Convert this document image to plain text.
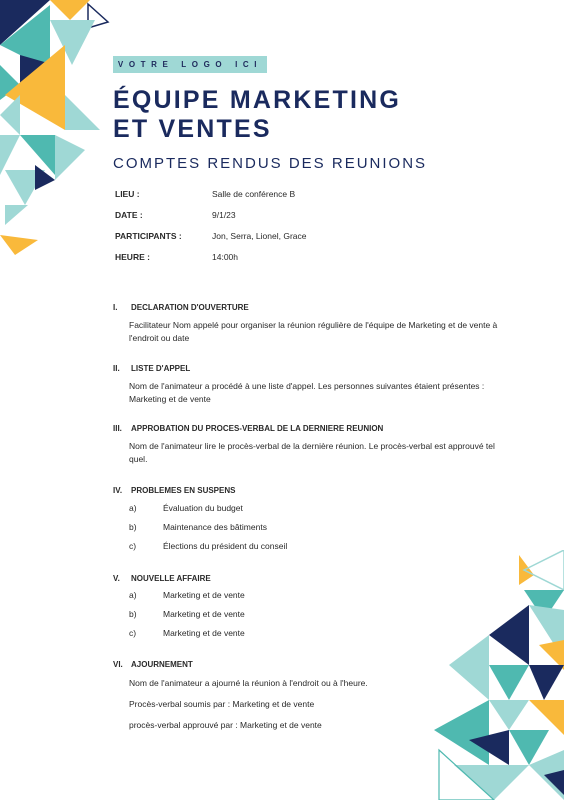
VOTRE LOGO ICI
ÉQUIPE MARKETING ET VENTES
COMPTES RENDUS DES REUNIONS
LIEU :	Salle de conférence B
DATE :	9/1/23
PARTICIPANTS :	Jon, Serra, Lionel, Grace
HEURE :	14:00h
I. DECLARATION D'OUVERTURE
Facilitateur Nom appelé pour organiser la réunion régulière de l'équipe de Marketing et de vente à l'endroit ou date
II. LISTE D'APPEL
Nom de l'animateur a procédé à une liste d'appel. Les personnes suivantes étaient présentes : Marketing et de vente
III. APPROBATION DU PROCES-VERBAL DE LA DERNIERE REUNION
Nom de l'animateur lire le procès-verbal de la dernière réunion. Le procès-verbal est approuvé tel quel.
IV. PROBLEMES EN SUSPENS
a)	Évaluation du budget
b)	Maintenance des bâtiments
c)	Élections du président du conseil
V. NOUVELLE AFFAIRE
a)	Marketing et de vente
b)	Marketing et de vente
c)	Marketing et de vente
VI. AJOURNEMENT
Nom de l'animateur a ajourné la réunion à l'endroit ou à l'heure.
Procès-verbal soumis par : Marketing et de vente
procès-verbal approuvé par : Marketing et de vente
